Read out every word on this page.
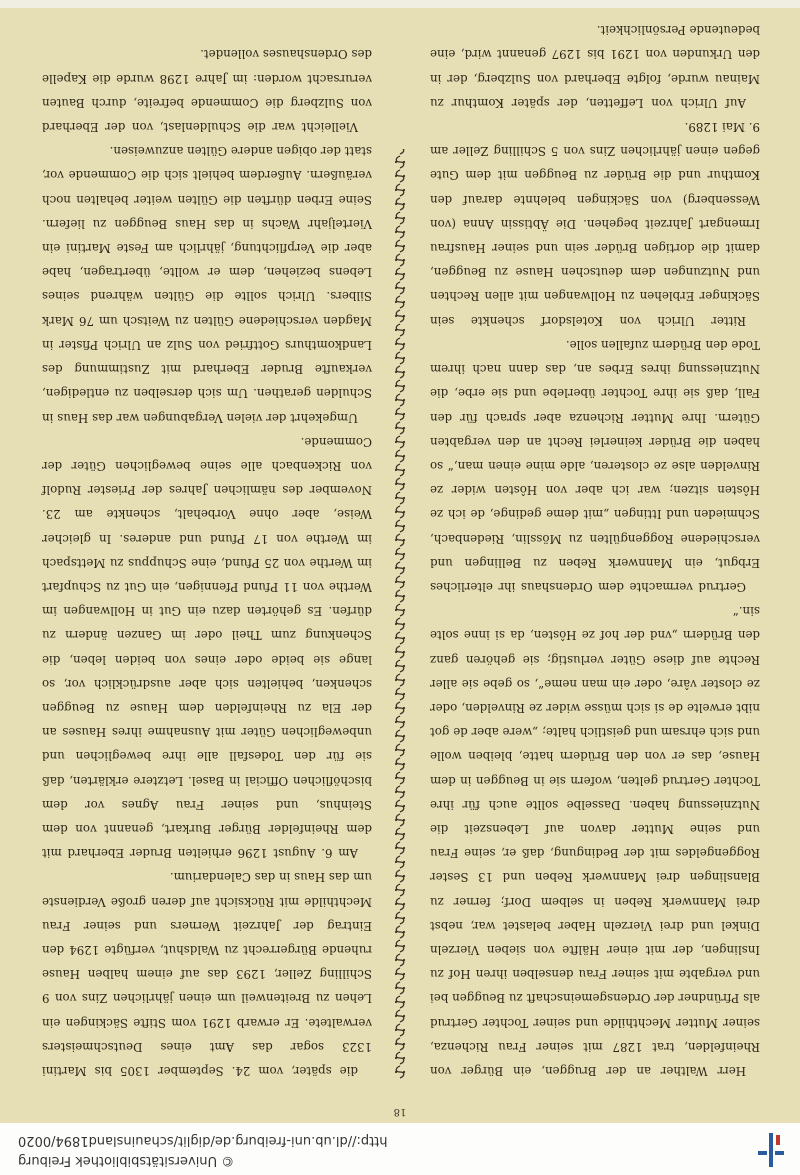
© Universitätsbibliothek Freiburg
http://dl.ub.uni-freiburg.de/diglit/schauinsland1894/0020
18

Herr Walther an der Bruggen, ein Bürger von Rheinfelden, trat 1287 mit seiner Frau Richenza, seiner Mutter Mechthilde und seiner Tochter Gertrud als Pfründner der Ordensgemeinschaft zu Beuggen bei und vergabte mit seiner Frau denselben ihren Hof zu Inslingen, der mit einer Hälfte von sieben Vierzeln Dinkel und drei Vierzeln Haber belastet war, nebst drei Mannwerk Reben in selbem Dorf; ferner zu Blanslingen drei Mannwerk Reben und 13 Sester Roggengeldes mit der Bedingung, daß er, seine Frau und seine Mutter davon auf Lebenszeit die Nutzniessung haben. Dasselbe sollte auch für ihre Tochter Gertrud gelten, wofern sie in Beuggen in dem Hause, das er von den Brüdern hatte, bleiben wolle und sich ehrsam und geistlich halte; „were aber de got nibt erwelte de si sich müsse wider ze Rinvelden, oder ze closter vâre, oder ein man neme“, so gebe sie aller Rechte auf diese Güter verlustig; sie gehören ganz den Brüdern „vnd der hof ze Hôsten, da si inne solte sin.“

Gertrud vermachte dem Ordenshaus ihr elterliches Erbgut, ein Mannwerk Reben zu Bellingen und verschiedene Roggengülten zu Mösslin, Riedenbach, Schmieden und Ittingen „mit deme gedinge, de ich ze Hôsten sitzen; war ich aber von Hôsten wider ze Rinvelden alse ze closteren, alde mine einen man,“ so haben die Brüder keinerlei Recht an den vergabten Gütern. Ihre Mutter Richenza aber sprach für den Fall, daß sie ihre Tochter überlebe und sie erbe, die Nutzniessung ihres Erbes an, das dann nach ihrem Tode den Brüdern zufallen solle.

Ritter Ulrich von Kotelsdorf schenkte sein Säckinger Erblehen zu Hollwangen mit allen Rechten und Nutzungen dem deutschen Hause zu Beuggen, damit die dortigen Brüder sein und seiner Hausfrau Irmengart Jahrzeit begehen. Die Äbtissin Anna (von Wessenberg) von Säckingen belehnte darauf den Komthur und die Brüder zu Beuggen mit dem Gute gegen einen jährlichen Zins von 5 Schilling Zeller am 9. Mai 1289.

Auf Ulrich von Leffetten, der später Komthur zu Mainau wurde, folgte Eberhard von Sulzberg, der in den Urkunden von 1291 bis 1297 genannt wird, eine bedeutende Persönlichkeit.

die später, vom 24. September 1305 bis Martini 1323 sogar das Amt eines Deutschmeisters verwaltete. Er erwarb 1291 vom Stifte Säckingen ein Lehen zu Breitenweil um einen jährlichen Zins von 9 Schilling Zeller, 1293 das auf einem halben Hause ruhende Bürgerrecht zu Waldshut, verfügte 1294 den Eintrag der Jahrzeit Werners und seiner Frau Mechthilde mit Rücksicht auf deren große Verdienste um das Haus in das Calendarium.

Am 6. August 1296 erhielten Bruder Eberhard mit dem Rheinfelder Bürger Burkart, genannt von dem Steinhus, und seiner Frau Agnes vor dem bischöflichen Official in Basel. Letztere erklärten, daß sie für den Todesfall alle ihre beweglichen und unbeweglichen Güter mit Ausnahme ihres Hauses an der Ela zu Rheinfelden dem Hause zu Beuggen schenken, behielten sich aber ausdrücklich vor, so lange sie beide oder eines von beiden leben, die Schenkung zum Theil oder im Ganzen ändern zu dürfen. Es gehörten dazu ein Gut in Hollwangen im Werthe von 11 Pfund Pfennigen, ein Gut zu Schupfart im Werthe von 25 Pfund, eine Schuppus zu Mettspach im Werthe von 17 Pfund und anderes. In gleicher Weise, aber ohne Vorbehalt, schenkte am 23. November des nämlichen Jahres der Priester Rudolf von Rickenbach alle seine beweglichen Güter der Commende.

Umgekehrt der vielen Vergabungen war das Haus in Schulden gerathen. Um sich derselben zu entledigen, verkaufte Bruder Eberhard mit Zustimmung des Landkomthurs Gottfried von Sulz an Ulrich Pfister in Magden verschiedene Gülten zu Weitsch um 76 Mark Silbers. Ulrich sollte die Gülten während seines Lebens beziehen, dem er wollte, übertragen, habe aber die Verpflichtung, jährlich am Feste Martini ein Vierteljahr Wachs in das Haus Beuggen zu liefern. Seine Erben dürften die Gülten weiter behalten noch veräußern. Außerdem behielt sich die Commende vor, statt der obigen andere Gülten anzuweisen.

Vielleicht war die Schuldenlast, von der Eberhard von Sulzberg die Commende befreite, durch Bauten verursacht worden: im Jahre 1298 wurde die Kapelle des Ordenshauses vollendet.
